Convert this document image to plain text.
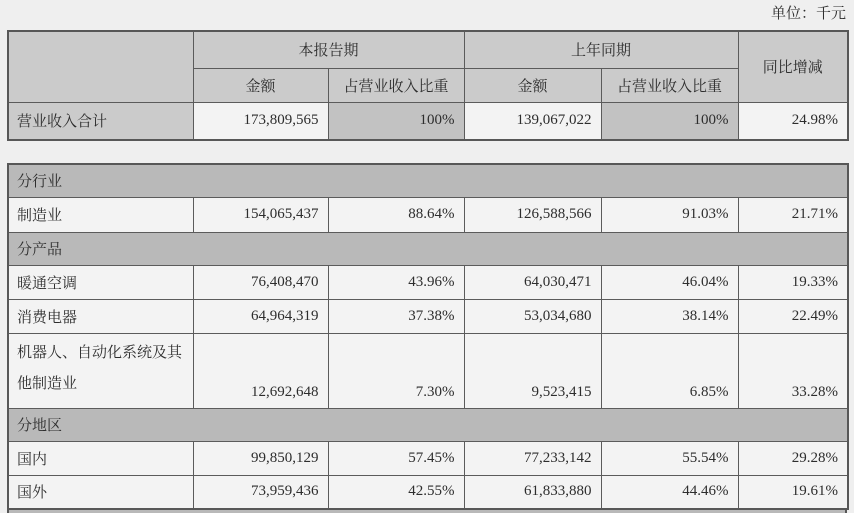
单位：千元
	本报告期		上年同期		同比增减
	金额	占营业收入比重	金额	占营业收入比重	
营业收入合计	173,809,565	100%	139,067,022	100%	24.98%
分行业					
制造业	154,065,437	88.64%	126,588,566	91.03%	21.71%
分产品					
暖通空调	76,408,470	43.96%	64,030,471	46.04%	19.33%
消费电器	64,964,319	37.38%	53,034,680	38.14%	22.49%
机器人、自动化系统及其他制造业	12,692,648	7.30%	9,523,415	6.85%	33.28%
分地区					
国内	99,850,129	57.45%	77,233,142	55.54%	29.28%
国外	73,959,436	42.55%	61,833,880	44.46%	19.61%
